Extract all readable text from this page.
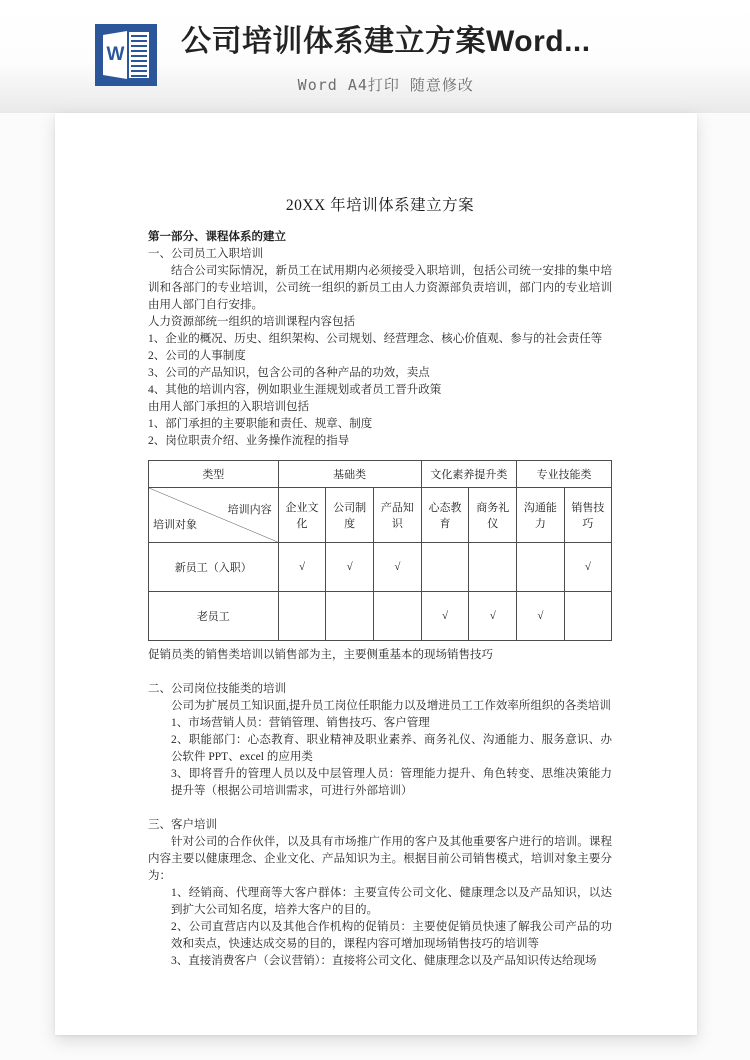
W 公司培训体系建立方案Word...
Word A4打印 随意修改
20XX 年培训体系建立方案

第一部分、课程体系的建立

一、公司员工入职培训

结合公司实际情况，新员工在试用期内必须接受入职培训，包括公司统一安排的集中培训和各部门的专业培训，公司统一组织的新员工由人力资源部负责培训，部门内的专业培训由用人部门自行安排。

人力资源部统一组织的培训课程内容包括

1、企业的概况、历史、组织架构、公司规划、经营理念、核心价值观、参与的社会责任等

2、公司的人事制度

3、公司的产品知识，包含公司的各种产品的功效，卖点

4、其他的培训内容，例如职业生涯规划或者员工晋升政策

由用人部门承担的入职培训包括

1、部门承担的主要职能和责任、规章、制度

2、岗位职责介绍、业务操作流程的指导

类型	基础类			文化素养提升类		专业技能类	

培训内容
培训对象	企业文化	公司制度	产品知识	心态教育	商务礼仪	沟通能力	销售技巧
新员工（入职）	√	√	√				√
老员工				√	√	√	

促销员类的销售类培训以销售部为主，主要侧重基本的现场销售技巧

二、公司岗位技能类的培训

公司为扩展员工知识面,提升员工岗位任职能力以及增进员工工作效率所组织的各类培训

1、市场营销人员：营销管理、销售技巧、客户管理

2、职能部门：心态教育、职业精神及职业素养、商务礼仪、沟通能力、服务意识、办公软件 PPT、excel 的应用类

3、即将晋升的管理人员以及中层管理人员：管理能力提升、角色转变、思维决策能力提升等（根据公司培训需求，可进行外部培训）

三、客户培训

针对公司的合作伙伴，以及具有市场推广作用的客户及其他重要客户进行的培训。课程内容主要以健康理念、企业文化、产品知识为主。根据目前公司销售模式，培训对象主要分为：

1、经销商、代理商等大客户群体：主要宣传公司文化、健康理念以及产品知识，以达到扩大公司知名度，培养大客户的目的。

2、公司直营店内以及其他合作机构的促销员：主要使促销员快速了解我公司产品的功效和卖点，快速达成交易的目的，课程内容可增加现场销售技巧的培训等

3、直接消费客户（会议营销）：直接将公司文化、健康理念以及产品知识传达给现场
